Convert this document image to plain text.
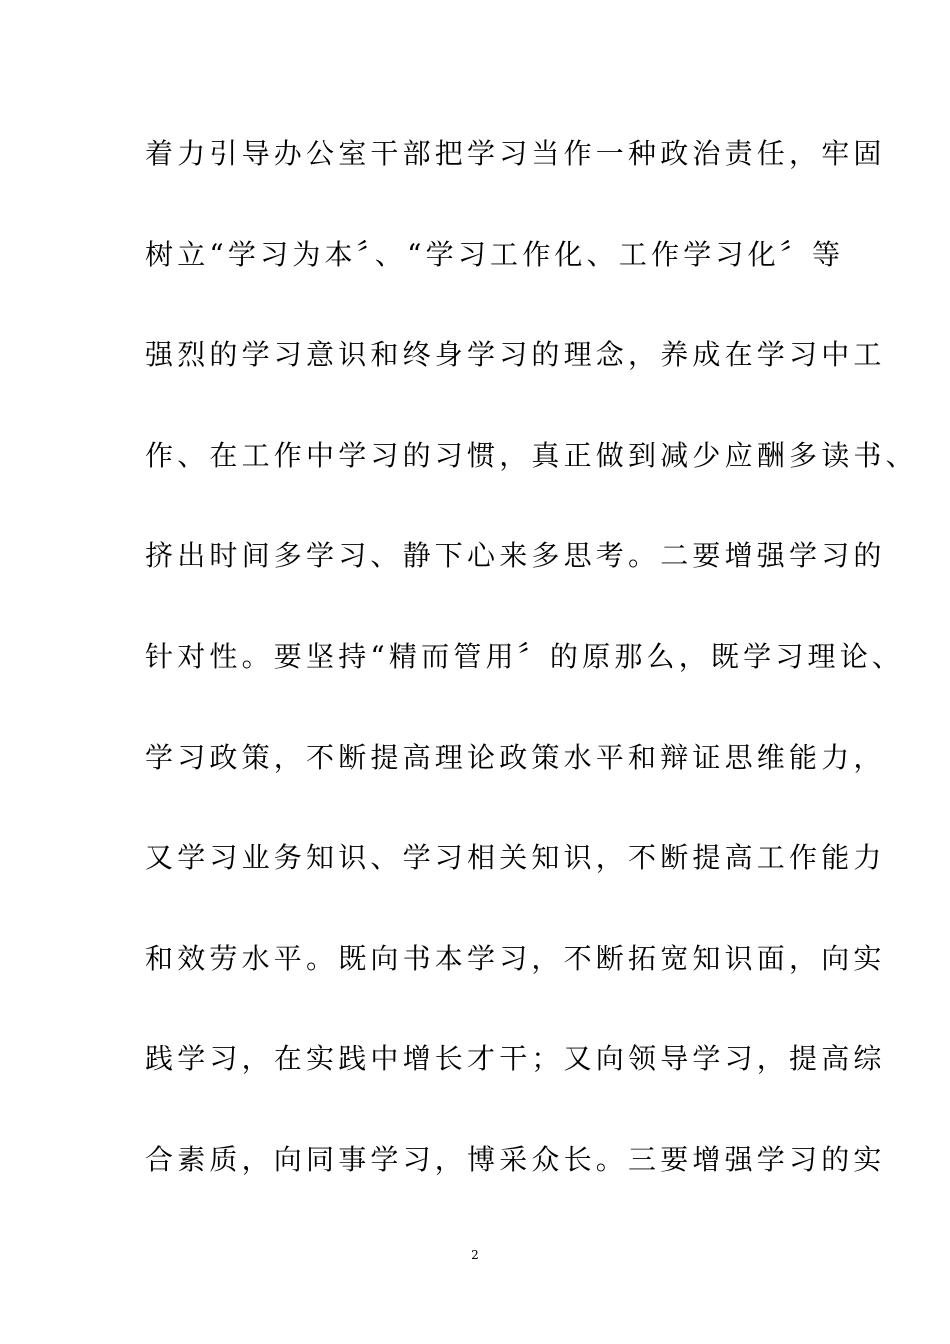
着力引导办公室干部把学习当作一种政治责任，牢固
树立“学习为本〞、“学习工作化、工作学习化〞等
强烈的学习意识和终身学习的理念，养成在学习中工
作、在工作中学习的习惯，真正做到减少应酬多读书、
挤出时间多学习、静下心来多思考。二要增强学习的
针对性。要坚持“精而管用〞的原那么，既学习理论、
学习政策，不断提高理论政策水平和辩证思维能力，
又学习业务知识、学习相关知识，不断提高工作能力
和效劳水平。既向书本学习，不断拓宽知识面，向实
践学习，在实践中增长才干；又向领导学习，提高综
合素质，向同事学习，博采众长。三要增强学习的实
2
